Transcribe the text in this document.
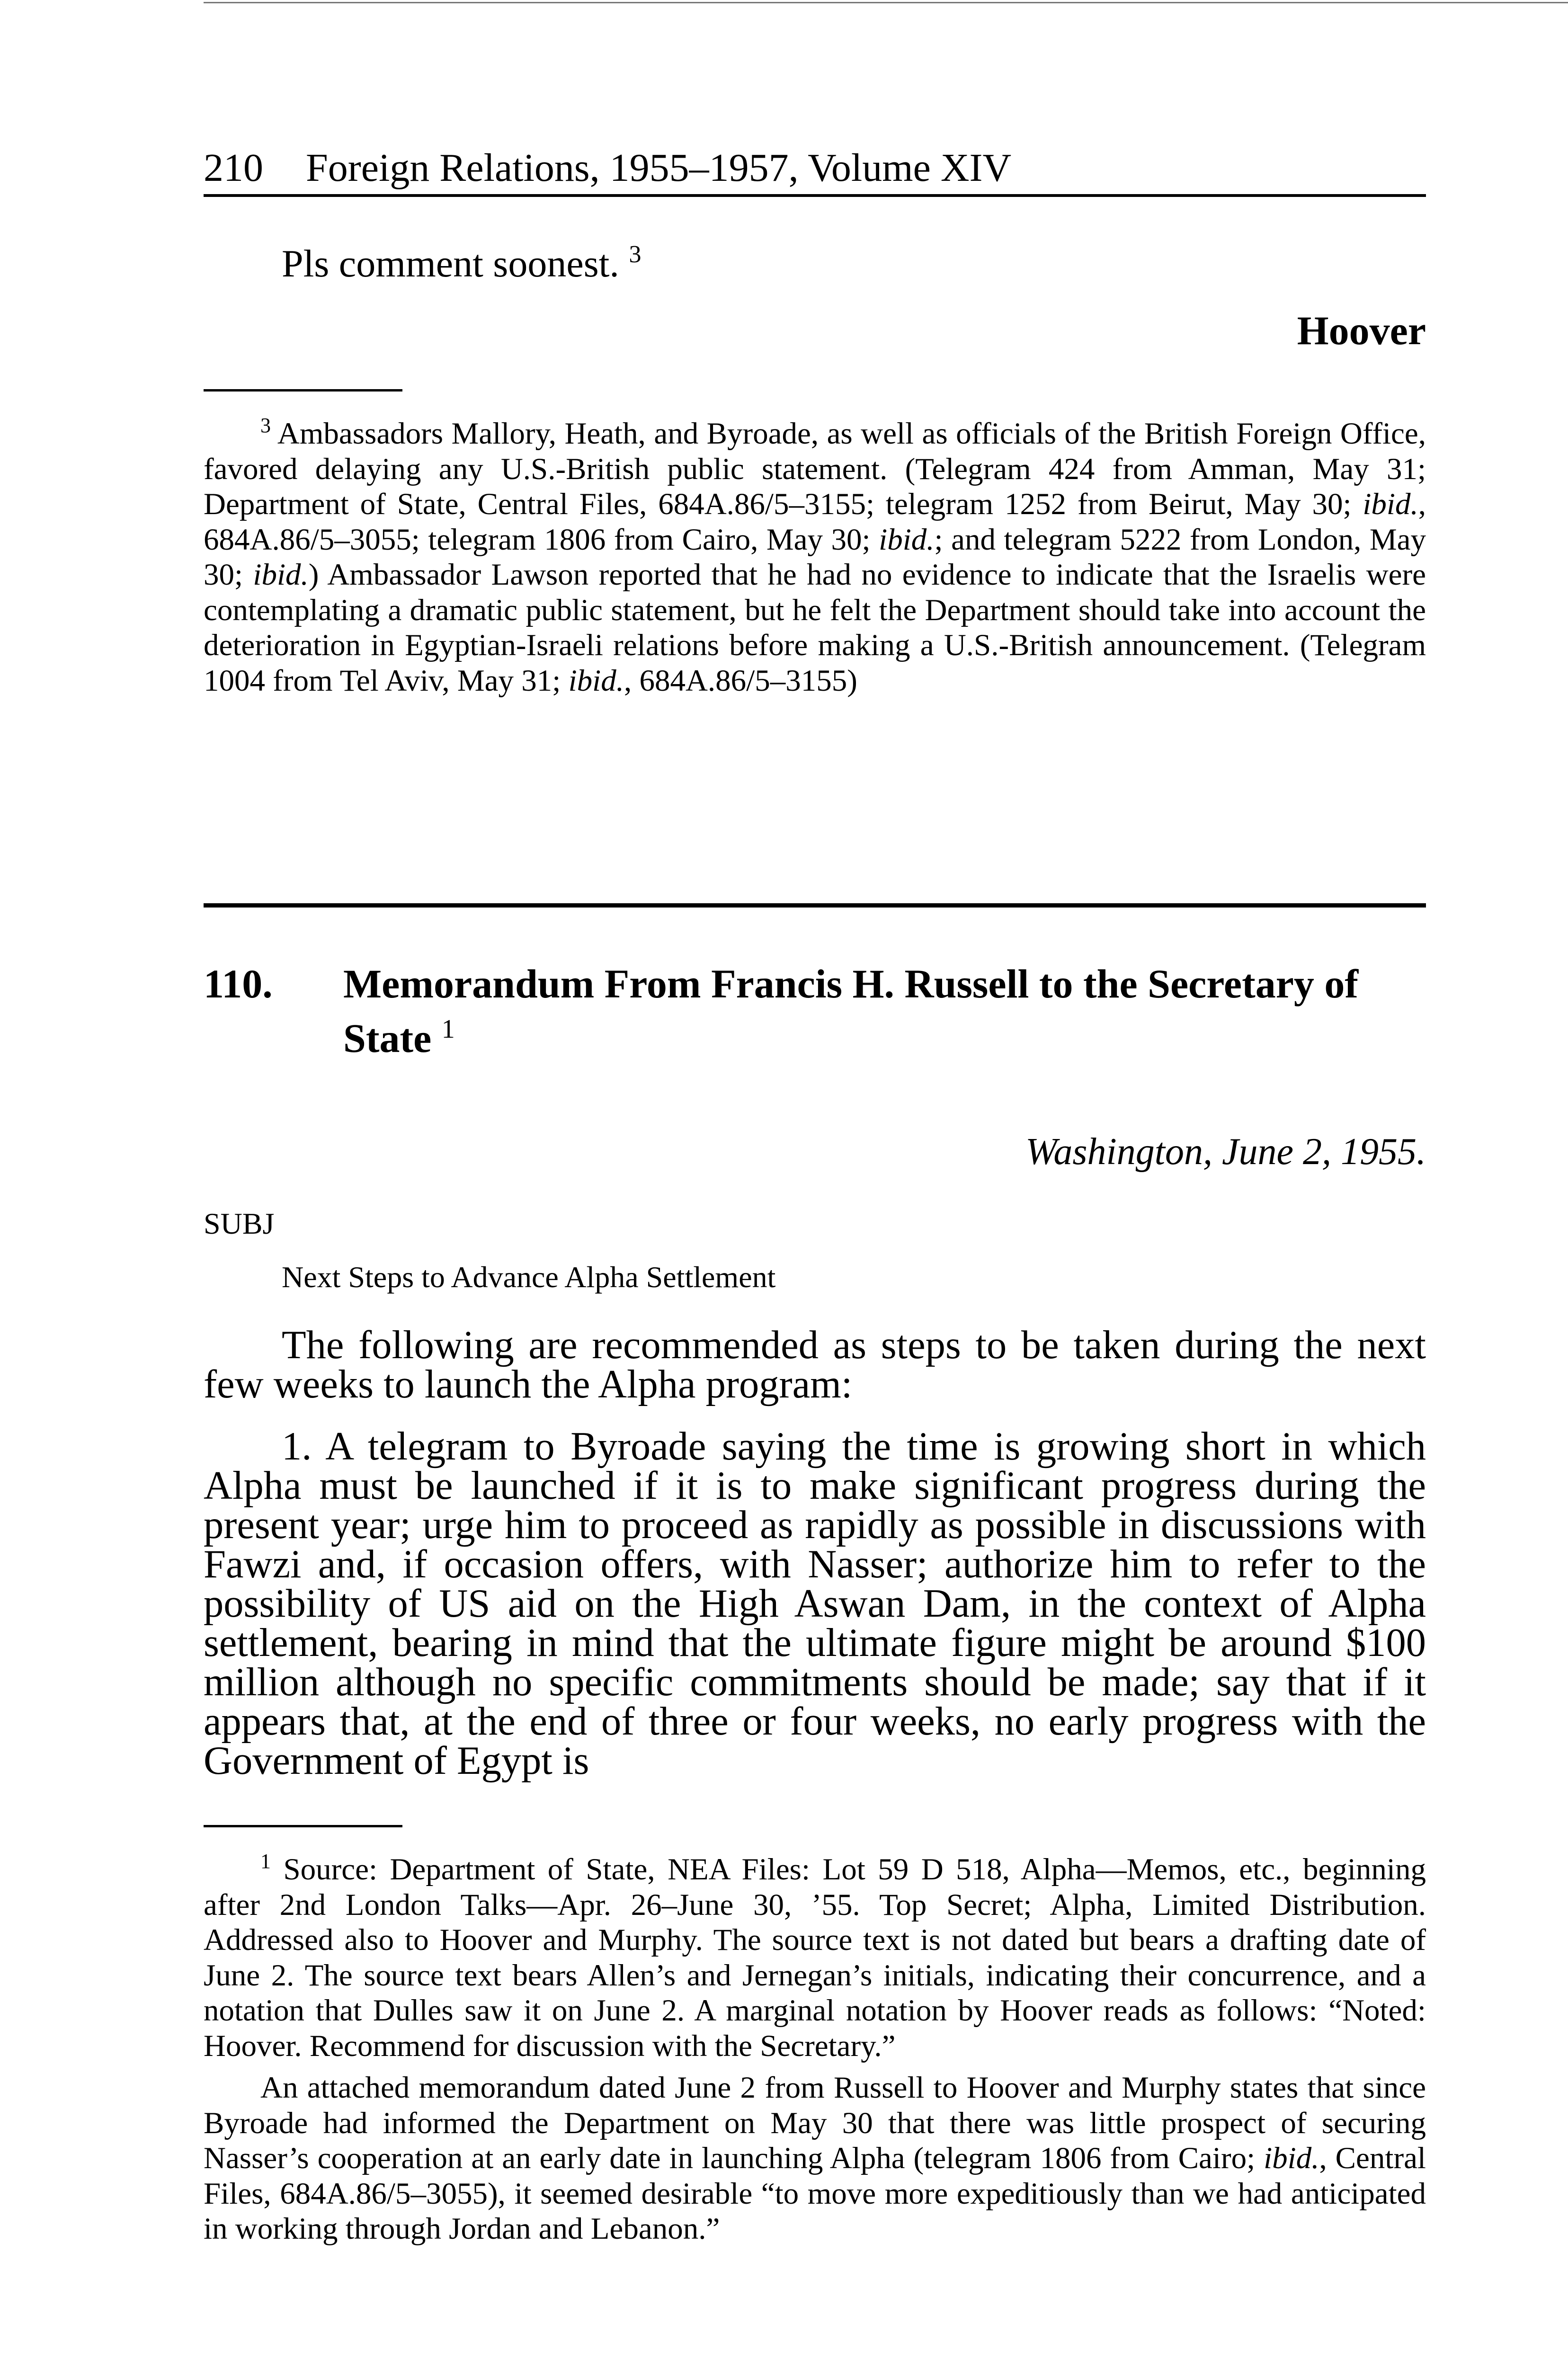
210 Foreign Relations, 1955–1957, Volume XIV
Pls comment soonest. $^3$
Hoover
$^3$ Ambassadors Mallory, Heath, and Byroade, as well as officials of the British Foreign Office, favored delaying any U.S.-British public statement. (Telegram 424 from Amman, May 31; Department of State, Central Files, 684A.86/5–3155; telegram 1252 from Beirut, May 30; ibid., 684A.86/5–3055; telegram 1806 from Cairo, May 30; ibid.; and telegram 5222 from London, May 30; ibid.) Ambassador Lawson reported that he had no evidence to indicate that the Israelis were contemplating a dramatic public statement, but he felt the Department should take into account the deterioration in Egyptian-Israeli relations before making a U.S.-British announcement. (Telegram 1004 from Tel Aviv, May 31; ibid., 684A.86/5–3155)
110. Memorandum From Francis H. Russell to the Secretary of State $^1$
Washington, June 2, 1955.
SUBJ
Next Steps to Advance Alpha Settlement

The following are recommended as steps to be taken during the next few weeks to launch the Alpha program:

1. A telegram to Byroade saying the time is growing short in which Alpha must be launched if it is to make significant progress during the present year; urge him to proceed as rapidly as possible in discussions with Fawzi and, if occasion offers, with Nasser; authorize him to refer to the possibility of US aid on the High Aswan Dam, in the context of Alpha settlement, bearing in mind that the ultimate figure might be around $100 million although no specific commitments should be made; say that if it appears that, at the end of three or four weeks, no early progress with the Government of Egypt is

$^1$ Source: Department of State, NEA Files: Lot 59 D 518, Alpha—Memos, etc., beginning after 2nd London Talks—Apr. 26–June 30, ’55. Top Secret; Alpha, Limited Distribution. Addressed also to Hoover and Murphy. The source text is not dated but bears a drafting date of June 2. The source text bears Allen’s and Jernegan’s initials, indicating their concurrence, and a notation that Dulles saw it on June 2. A marginal notation by Hoover reads as follows: “Noted: Hoover. Recommend for discussion with the Secretary.”
An attached memorandum dated June 2 from Russell to Hoover and Murphy states that since Byroade had informed the Department on May 30 that there was little prospect of securing Nasser’s cooperation at an early date in launching Alpha (telegram 1806 from Cairo; ibid., Central Files, 684A.86/5–3055), it seemed desirable “to move more expeditiously than we had anticipated in working through Jordan and Lebanon.”
